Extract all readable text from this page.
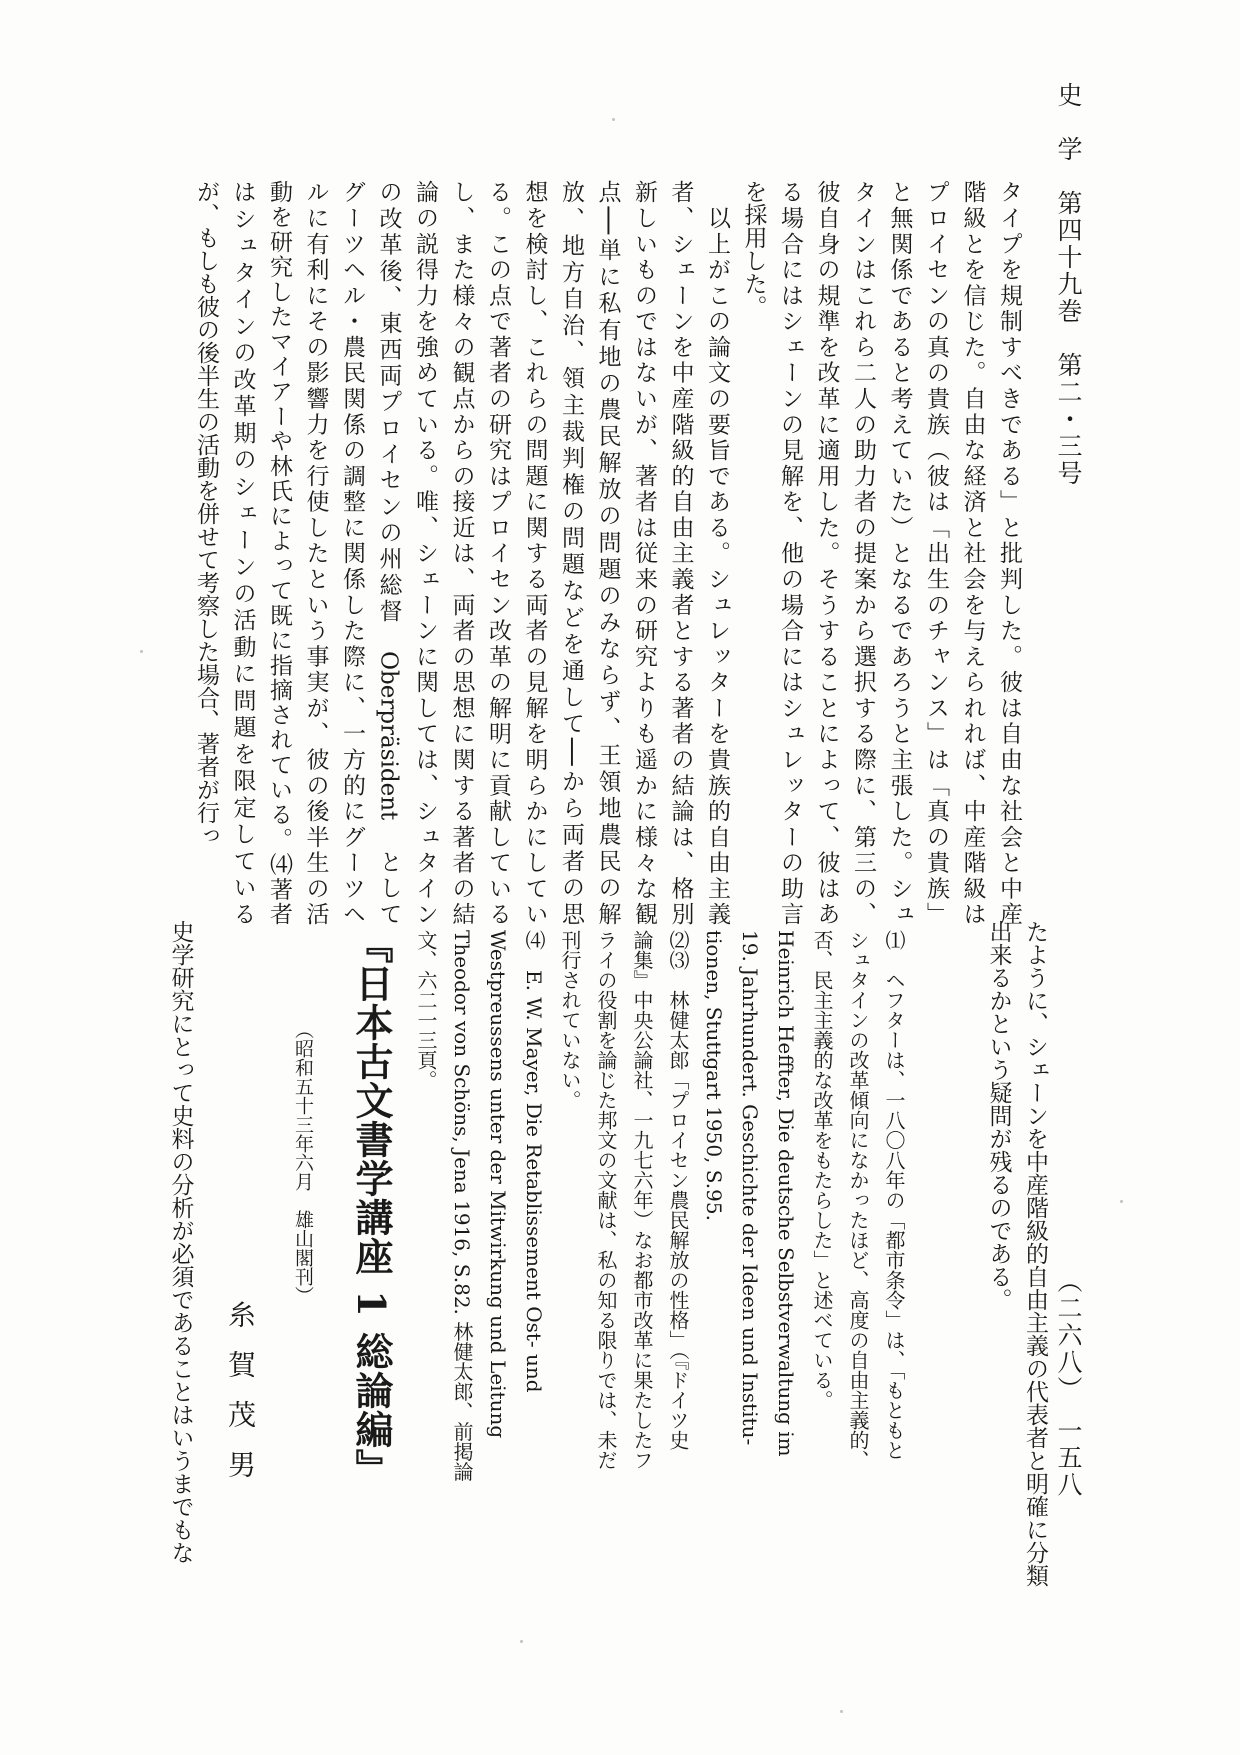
史　学　第四十九巻　第二・三号
（二六八）　一五八
タイプを規制すべきである」と批判した。彼は自由な社会と中産
階級とを信じた。自由な経済と社会を与えられれば、中産階級は
プロイセンの真の貴族（彼は「出生のチャンス」は「真の貴族」
と無関係であると考えていた）となるであろうと主張した。シュ
タインはこれら二人の助力者の提案から選択する際に、第三の、
彼自身の規準を改革に適用した。そうすることによって、彼はあ
る場合にはシェーンの見解を、他の場合にはシュレッターの助言
を採用した。
　以上がこの論文の要旨である。シュレッターを貴族的自由主義
者、シェーンを中産階級的自由主義者とする著者の結論は、格別
新しいものではないが、著者は従来の研究よりも遥かに様々な観
点──単に私有地の農民解放の問題のみならず、王領地農民の解
放、地方自治、領主裁判権の問題などを通して──から両者の思
想を検討し、これらの問題に関する両者の見解を明らかにしてい
る。この点で著者の研究はプロイセン改革の解明に貢献している
し、また様々の観点からの接近は、両者の思想に関する著者の結
論の説得力を強めている。唯、シェーンに関しては、シュタイン
の改革後、東西両プロイセンの州総督　Oberpräsident　として
グーツヘル・農民関係の調整に関係した際に、一方的にグーツヘ
ルに有利にその影響力を行使したという事実が、彼の後半生の活
動を研究したマイアーや林氏によって既に指摘されている。⑷著者
はシュタインの改革期のシェーンの活動に問題を限定している
が、もしも彼の後半生の活動を併せて考察した場合、著者が行っ
たように、シェーンを中産階級的自由主義の代表者と明確に分類
出来るかという疑問が残るのである。
⑴　ヘフターは、一八〇八年の「都市条令」は、「もともと
シュタインの改革傾向になかったほど、高度の自由主義的、
否、民主主義的な改革をもたらした」と述べている。
Heinrich Heffter, Die deutsche Selbstverwaltung im
19. Jahrhundert. Geschichte der Ideen und Institu-
tionen, Stuttgart 1950, S.95.
⑵⑶　林健太郎「プロイセン農民解放の性格」（『ドイツ史
論集』中央公論社、一九七六年）なお都市改革に果たしたフ
ライの役割を論じた邦文の文献は、私の知る限りでは、未だ
刊行されていない。
⑷　E. W. Mayer, Die Retablissement Ost- und
Westpreussens unter der Mitwirkung und Leitung
Theodor von Schöns, Jena 1916, S.82. 林健太郎、前掲論
文、六二一三頁。
『日本古文書学講座 1 総論編』
（昭和五十三年六月　雄山閣刊）
糸賀茂男
史学研究にとって史料の分析が必須であることはいうまでもな
